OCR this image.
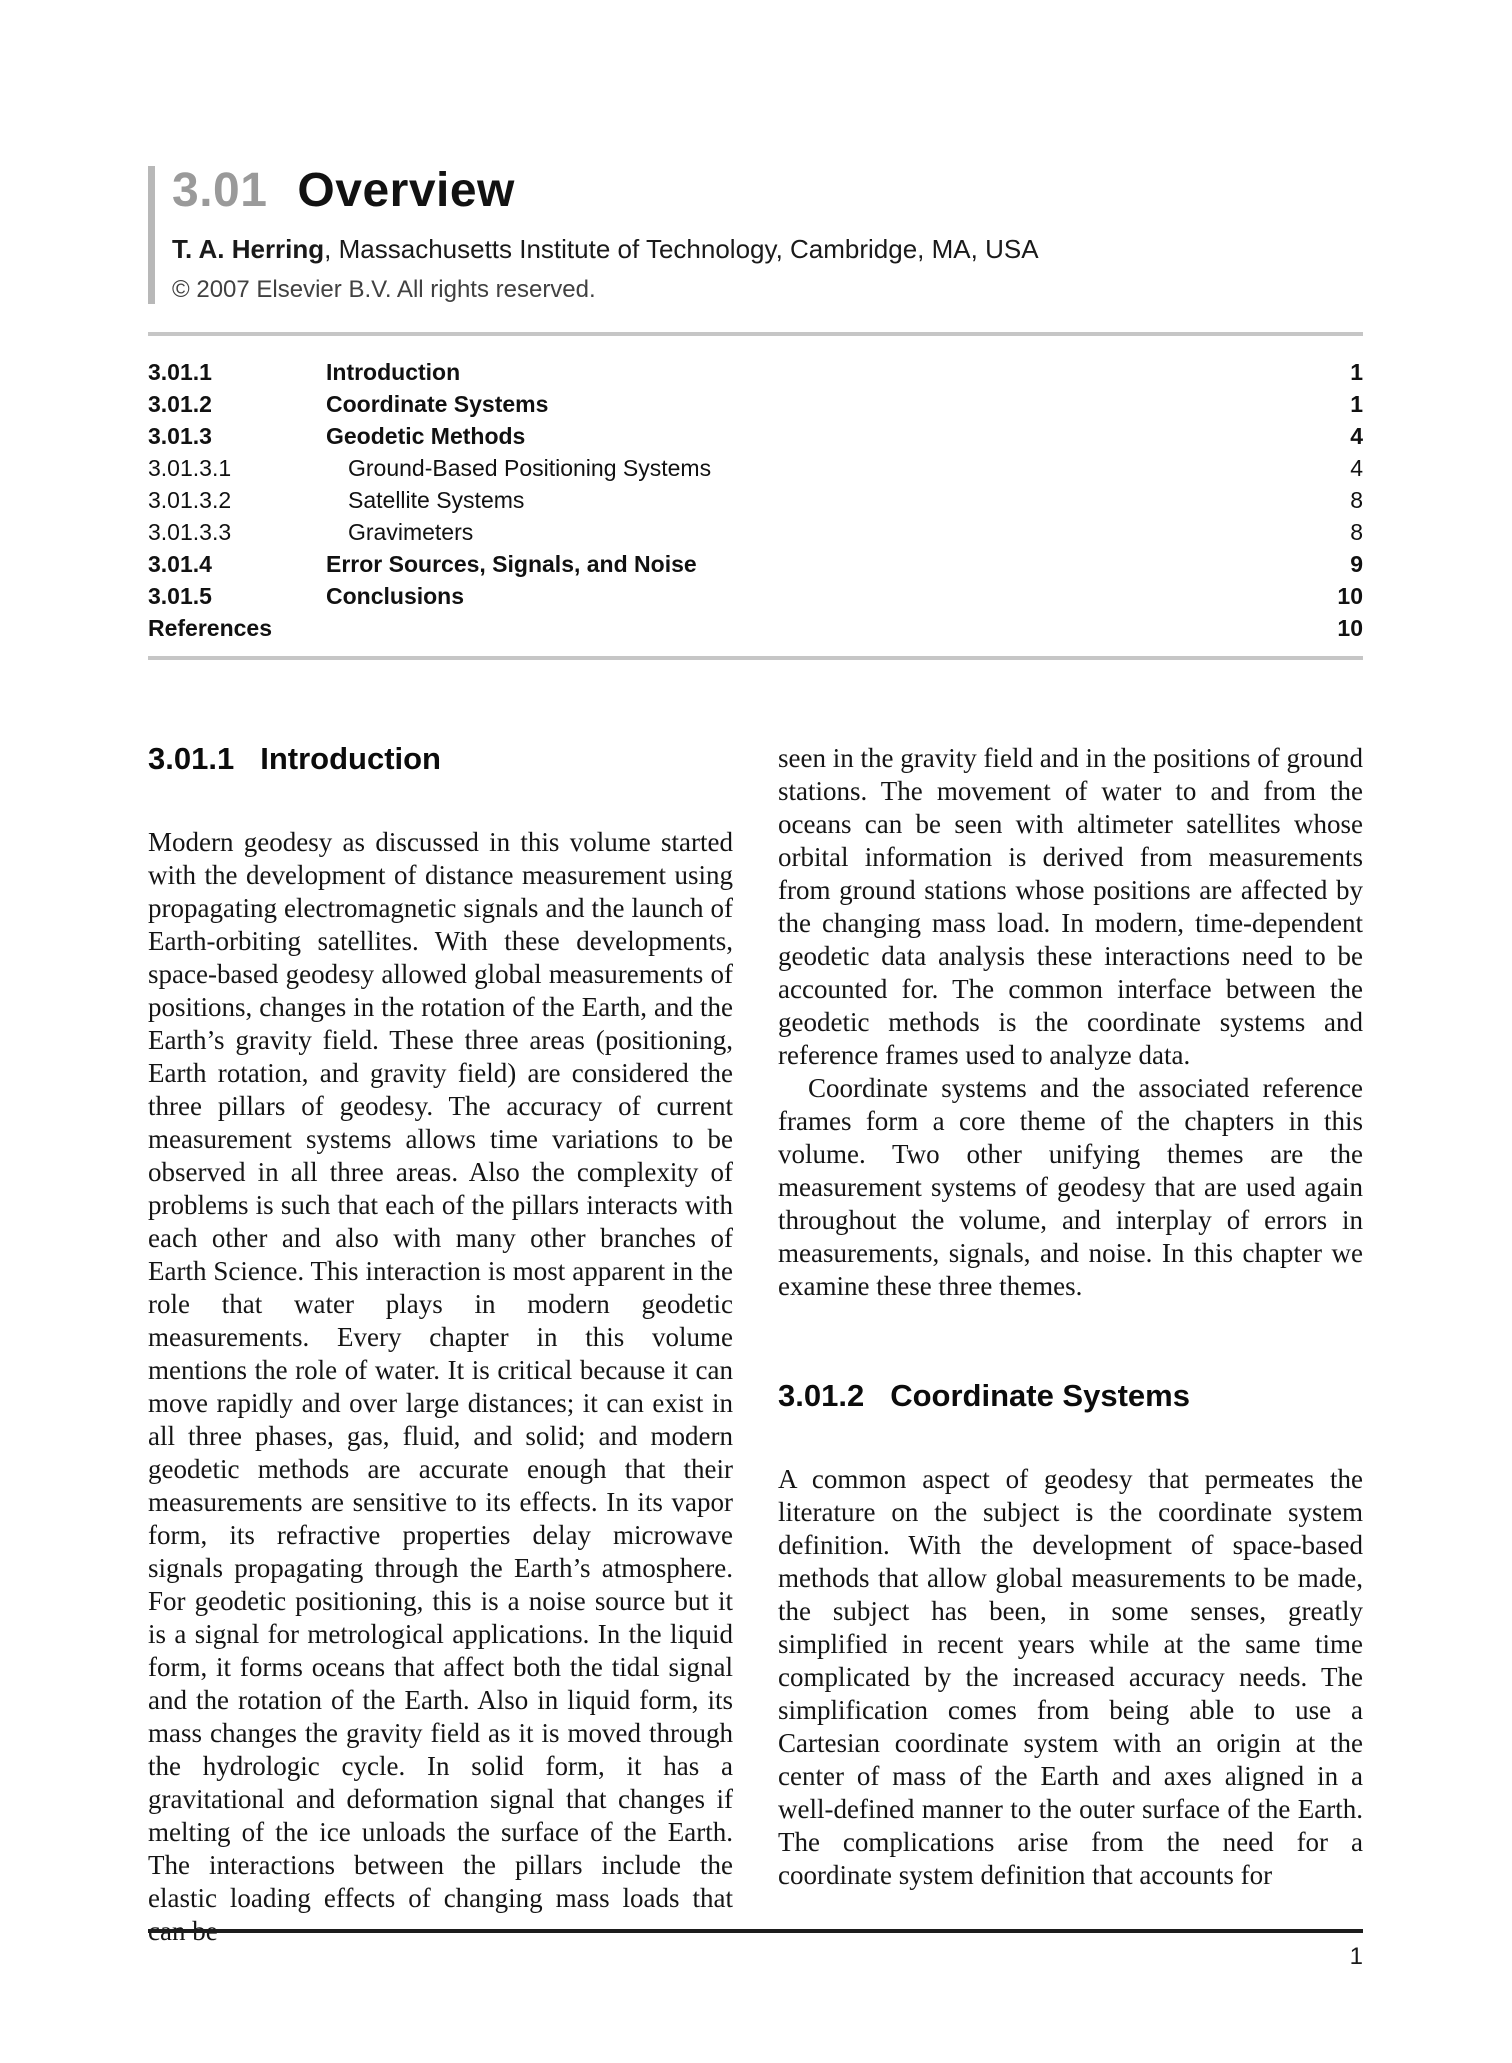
3.01 Overview
T. A. Herring, Massachusetts Institute of Technology, Cambridge, MA, USA
© 2007 Elsevier B.V. All rights reserved.
3.01.1	Introduction	1
3.01.2	Coordinate Systems	1
3.01.3	Geodetic Methods	4
3.01.3.1	Ground-Based Positioning Systems	4
3.01.3.2	Satellite Systems	8
3.01.3.3	Gravimeters	8
3.01.4	Error Sources, Signals, and Noise	9
3.01.5	Conclusions	10
References	10
3.01.1 Introduction

Modern geodesy as discussed in this volume started with the development of distance measurement using propagating electromagnetic signals and the launch of Earth-orbiting satellites. With these developments, space-based geodesy allowed global measurements of positions, changes in the rotation of the Earth, and the Earth’s gravity field. These three areas (positioning, Earth rotation, and gravity field) are considered the three pillars of geodesy. The accuracy of current measurement systems allows time variations to be observed in all three areas. Also the complexity of problems is such that each of the pillars interacts with each other and also with many other branches of Earth Science. This interaction is most apparent in the role that water plays in modern geodetic measurements. Every chapter in this volume mentions the role of water. It is critical because it can move rapidly and over large distances; it can exist in all three phases, gas, fluid, and solid; and modern geodetic methods are accurate enough that their measurements are sensitive to its effects. In its vapor form, its refractive properties delay microwave signals propagating through the Earth’s atmosphere. For geodetic positioning, this is a noise source but it is a signal for metrological applications. In the liquid form, it forms oceans that affect both the tidal signal and the rotation of the Earth. Also in liquid form, its mass changes the gravity field as it is moved through the hydrologic cycle. In solid form, it has a gravitational and deformation signal that changes if melting of the ice unloads the surface of the Earth. The interactions between the pillars include the elastic loading effects of changing mass loads that can be

seen in the gravity field and in the positions of ground stations. The movement of water to and from the oceans can be seen with altimeter satellites whose orbital information is derived from measurements from ground stations whose positions are affected by the changing mass load. In modern, time-dependent geodetic data analysis these interactions need to be accounted for. The common interface between the geodetic methods is the coordinate systems and reference frames used to analyze data.

Coordinate systems and the associated reference frames form a core theme of the chapters in this volume. Two other unifying themes are the measurement systems of geodesy that are used again throughout the volume, and interplay of errors in measurements, signals, and noise. In this chapter we examine these three themes.

3.01.2 Coordinate Systems

A common aspect of geodesy that permeates the literature on the subject is the coordinate system definition. With the development of space-based methods that allow global measurements to be made, the subject has been, in some senses, greatly simplified in recent years while at the same time complicated by the increased accuracy needs. The simplification comes from being able to use a Cartesian coordinate system with an origin at the center of mass of the Earth and axes aligned in a well-defined manner to the outer surface of the Earth. The complications arise from the need for a coordinate system definition that accounts for

1
